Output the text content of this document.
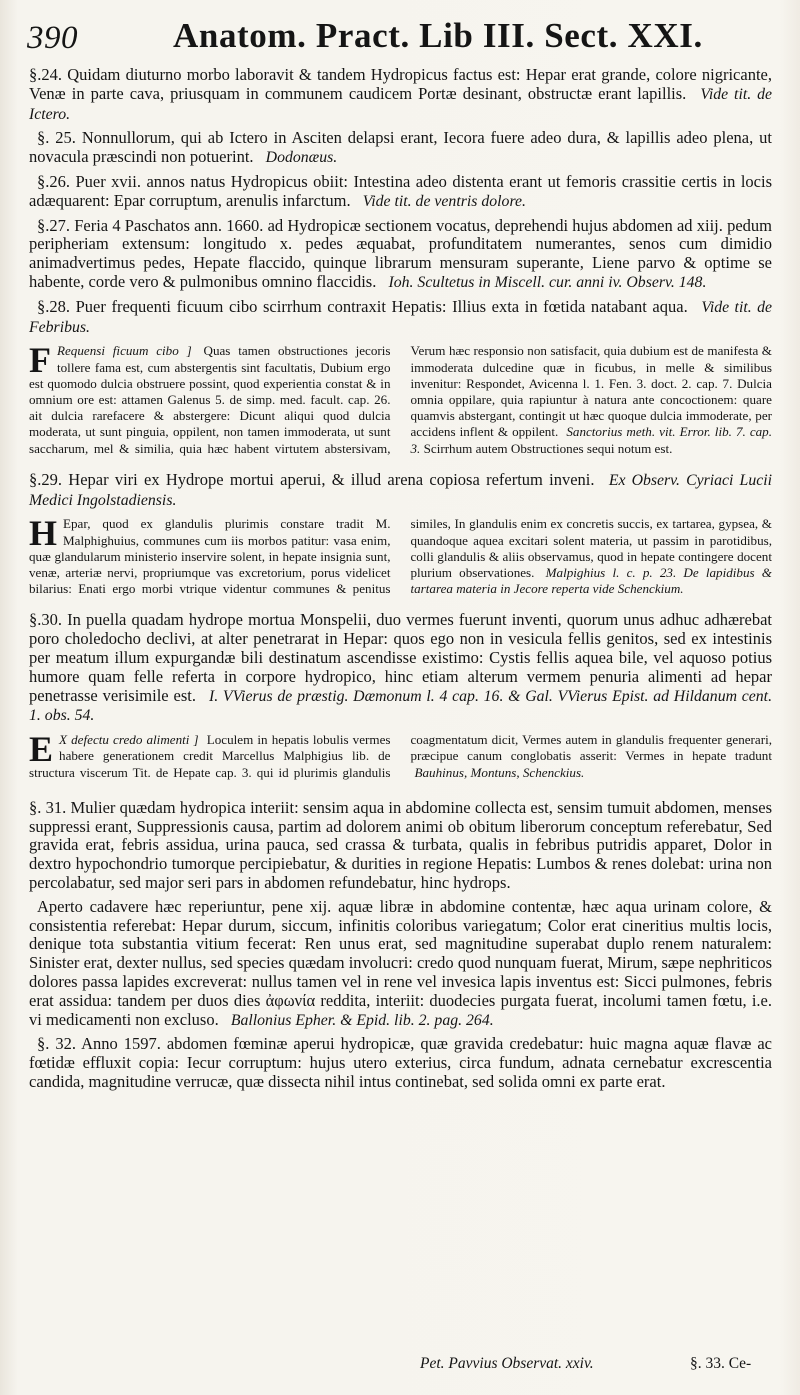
390	Anatom. Pract. Lib III. Sect. XXI.

§.24. Quidam diuturno morbo laboravit & tandem Hydropicus factus est: Hepar erat grande, colore nigricante, Venæ in parte cava, priusquam in communem caudicem Portæ desinant, obstructæ erant lapillis. Vide tit. de Ictero.

§. 25. Nonnullorum, qui ab Ictero in Asciten delapsi erant, Iecora fuere adeo dura, & lapillis adeo plena, ut novacula præscindi non potuerint. Dodonæus.

§.26. Puer xvii. annos natus Hydropicus obiit: Intestina adeo distenta erant ut femoris crassitie certis in locis adæquarent: Epar corruptum, arenulis infarctum. Vide tit. de ventris dolore.

§.27. Feria 4 Paschatos ann. 1660. ad Hydropicæ sectionem vocatus, deprehendi hujus abdomen ad xiij. pedum peripheriam extensum: longitudo x. pedes æquabat, profunditatem numerantes, senos cum dimidio animadvertimus pedes, Hepate flaccido, quinque librarum mensuram superante, Liene parvo & optime se habente, corde vero & pulmonibus omnino flaccidis. Ioh. Scultetus in Miscell. cur. anni iv. Observ. 148.

§.28. Puer frequenti ficuum cibo scirrhum contraxit Hepatis: Illius exta in fœtida natabant aqua. Vide tit. de Febribus.

F Requensi ficuum cibo ] Quas tamen obstructiones jecoris tollere fama est, cum abstergentis sint facultatis, Dubium ergo est quomodo dulcia obstruere possint, quod experientia constat & in omnium ore est: attamen Galenus 5. de simp. med. facult. cap. 26. ait dulcia rarefacere & abstergere: Dicunt aliqui quod dulcia moderata, ut sunt pinguia, oppilent, non tamen immoderata, ut sunt saccharum, mel & similia, quia hæc habent virtutem abstersivam, Verum hæc responsio non satisfacit, quia dubium est de manifesta & immoderata dulcedine quæ in ficubus, in melle & similibus invenitur: Respondet, Avicenna l. 1. Fen. 3. doct. 2. cap. 7. Dulcia omnia oppilare, quia rapiuntur à natura ante concoctionem: quare quamvis abstergant, contingit ut hæc quoque dulcia immoderate, per accidens inflent & oppilent. Sanctorius meth. vit. Error. lib. 7. cap. 3. Scirrhum autem Obstructiones sequi notum est.

§.29. Hepar viri ex Hydrope mortui aperui, & illud arena copiosa refertum inveni. Ex Observ. Cyriaci Lucii Medici Ingolstadiensis.

H Epar, quod ex glandulis plurimis constare tradit M. Malphighuius, communes cum iis morbos patitur: vasa enim, quæ glandularum ministerio inservire solent, in hepate insignia sunt, venæ, arteriæ nervi, propriumque vas excretorium, porus videlicet bilarius: Enati ergo morbi vtrique videntur communes & penitus similes, In glandulis enim ex concretis succis, ex tartarea, gypsea, & quandoque aquea excitari solent materia, ut passim in parotidibus, colli glandulis & aliis observamus, quod in hepate contingere docent plurium observationes. Malpighius l. c. p. 23. De lapidibus & tartarea materia in Jecore reperta vide Schenckium.

§.30. In puella quadam hydrope mortua Monspelii, duo vermes fuerunt inventi, quorum unus adhuc adhærebat poro choledocho declivi, at alter penetrarat in Hepar: quos ego non in vesicula fellis genitos, sed ex intestinis per meatum illum expurgandæ bili destinatum ascendisse existimo: Cystis fellis aquea bile, vel aquoso potius humore quam felle referta in corpore hydropico, hinc etiam alterum vermem penuria alimenti ad hepar penetrasse verisimile est. I. VVierus de præstig. Dæmonum l. 4 cap. 16. & Gal. VVierus Epist. ad Hildanum cent. 1. obs. 54.

E X defectu credo alimenti ] Loculem in hepatis lobulis vermes habere generationem credit Marcellus Malphigius lib. de structura viscerum Tit. de Hepate cap. 3. qui id plurimis glandulis coagmentatum dicit, Vermes autem in glandulis frequenter generari, præcipue canum conglobatis asserit: Vermes in hepate tradunt Bauhinus, Montuns, Schenckius.

§. 31. Mulier quædam hydropica interiit: sensim aqua in abdomine collecta est, sensim tumuit abdomen, menses suppressi erant, Suppressionis causa, partim ad dolorem animi ob obitum liberorum conceptum referebatur, Sed gravida erat, febris assidua, urina pauca, sed crassa & turbata, qualis in febribus putridis apparet, Dolor in dextro hypochondrio tumorque percipiebatur, & durities in regione Hepatis: Lumbos & renes dolebat: urina non percolabatur, sed major seri pars in abdomen refundebatur, hinc hydrops.

Aperto cadavere hæc reperiuntur, pene xij. aquæ libræ in abdomine contentæ, hæc aqua urinam colore, & consistentia referebat: Hepar durum, siccum, infinitis coloribus variegatum; Color erat cineritius multis locis, denique tota substantia vitium fecerat: Ren unus erat, sed magnitudine superabat duplo renem naturalem: Sinister erat, dexter nullus, sed species quædam involucri: credo quod nunquam fuerat, Mirum, sæpe nephriticos dolores passa lapides excreverat: nullus tamen vel in rene vel invesica lapis inventus est: Sicci pulmones, febris erat assidua: tandem per duos dies ἀφωνία reddita, interiit: duodecies purgata fuerat, incolumi tamen fœtu, i.e. vi medicamenti non excluso. Ballonius Epher. & Epid. lib. 2. pag. 264.

§. 32. Anno 1597. abdomen fœminæ aperui hydropicæ, quæ gravida credebatur: huic magna aquæ flavæ ac fœtidæ effluxit copia: Iecur corruptum: hujus utero exterius, circa fundum, adnata cernebatur excrescentia candida, magnitudine verrucæ, quæ dissecta nihil intus continebat, sed solida omni ex parte erat.

Pet. Pavvius Observat. xxiv.	§. 33. Ce-
